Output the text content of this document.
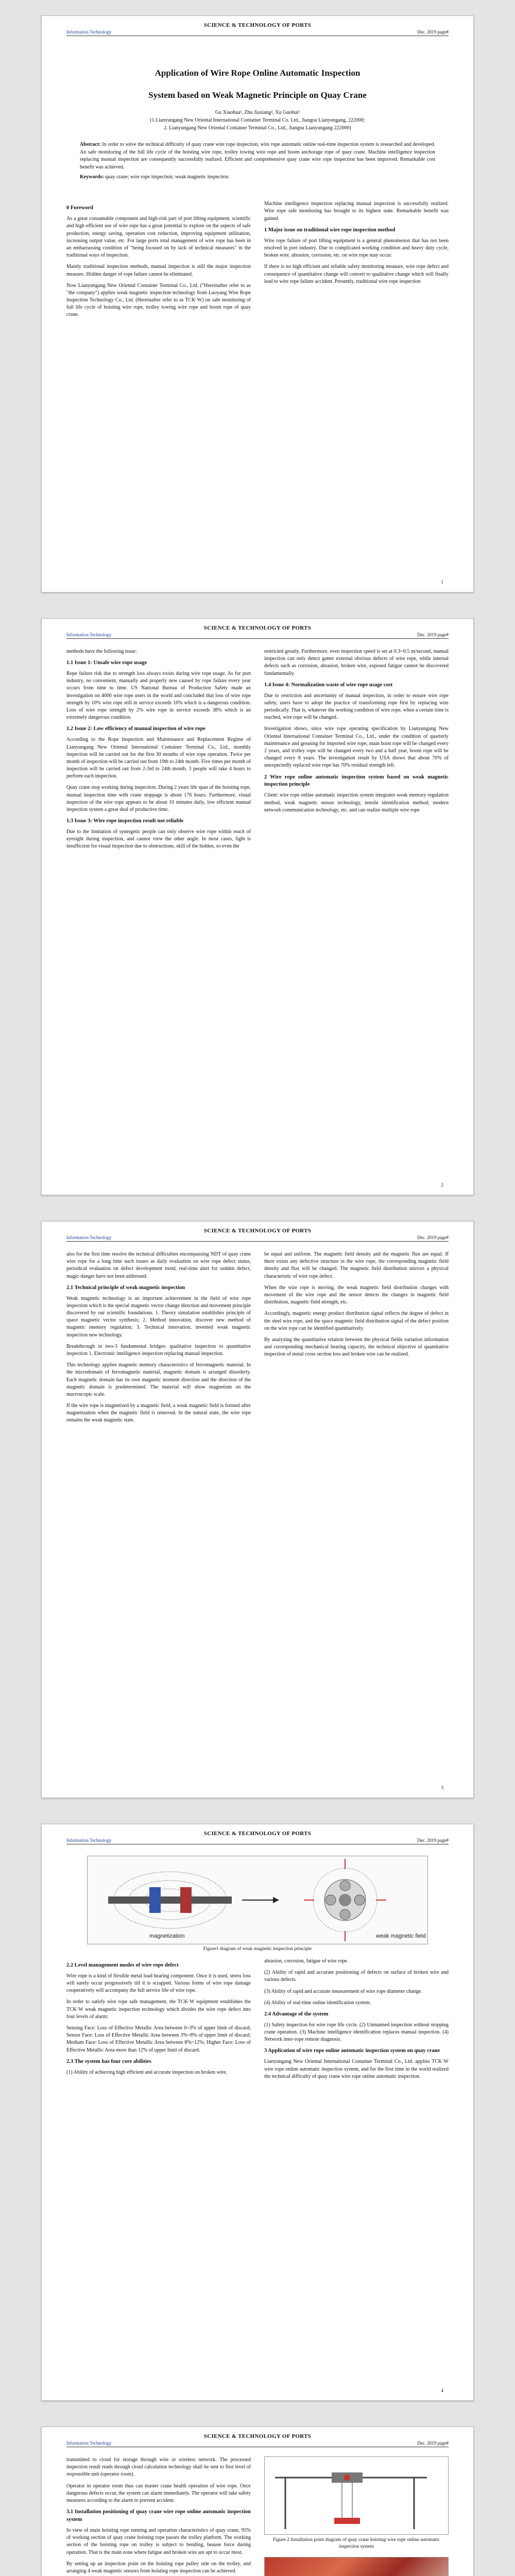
SCIENCE & TECHNOLOGY OF PORTS
Information Technology	Dec. 2019 page#
Application of Wire Rope Online Automatic Inspection
System based on Weak Magnetic Principle on Quay Crane
Gu Xiaohua¹, Zhu Jiaxiang², Xu Guohui²
(1.Lianyungang New Oriental International Container Terminal Co. Ltd., Jiangsu Lianyungang, 222000;
2. Lianyungang New Oriental Container Terminal Co., Ltd., Jiangsu Lianyungang 222000)
Abstract: In order to solve the technical difficulty of quay crane wire rope inspection, wire rope automatic online real-time inspection system is researched and developed. An safe monitoring of the full life cycle of the hoisting wire rope, trolley towing wire rope and boom anchorage rope of quay crane. Machine intelligence inspection replacing manual inspection are consequently successfully realized. Efficient and comprehensive quay crane wire rope inspection has been improved. Remarkable cost benefit was achieved.
Keywords: quay crane; wire rope inspection; weak magnetic inspection
0 Foreword

As a great consumable component and high-risk part of port lifting equipment, scientific and high efficient use of wire rope has a great potential to explore on the aspects of safe production, energy saving, operation cost reduction, improving equipment utilization, increasing output value, etc. For large ports total management of wire rope has been in an embarrassing condition of "being focused on by lack of technical measures" in the traditional ways of inspection.

Mainly traditional inspection methods, manual inspection is still the major inspection measure. Hidden danger of rope failure cannot be eliminated.

Now Lianyungang New Oriental Container Terminal Co., Ltd. ("Hereinafter refer to as "the company") applies weak magnetic inspection technology from Luoyang Wire Rope Inspection Technology Co., Ltd. (Hereinafter refer to as TCK·W) on safe monitoring of full life cycle of hoisting wire rope, trolley towing wire rope and boom rope of quay crane.

Machine intelligence inspection replacing manual inspection is successfully realized. Wire rope safe monitoring has brought to its highest state. Remarkable benefit was gained.

1 Major issue on traditional wire rope inspection method

Wire rope failure of port lifting equipment is a general phenomenon that has not been resolved in port industry. Due to complicated working condition and heavy duty cycle, broken wire, abrasion, corrosion, etc. on wire rope may occur.

If there is no high efficient and reliable safety monitoring measure, wire rope defect and consequence of quantitative change will convert to qualitative change which will finally lead to wire rope failure accident. Presently, traditional wire rope inspection

1
SCIENCE & TECHNOLOGY OF PORTS
Information Technology	Dec. 2019 page#

methods have the following issue:

1.1 Issue 1: Unsafe wire rope usage

Rope failure risk due to strength loss always exists during wire rope usage. As for port industry, no convenient, manually and properly new caused by rope failure every year occurs from time to time. US National Bureau of Production Safety made an investigation on 4000 wire rope users in the world and concluded that loss of wire rope strength by 10% wire rope still in service exceeds 10% which is a dangerous condition. Loss of wire rope strength by 2% wire rope in service exceeds 38% which is an extremely dangerous condition.

1.2 Issue 2: Low efficiency of manual inspection of wire rope

According to the Rope Inspection and Maintenance and Replacement Regime of Lianyungang New Oriental International Container Terminal Co., Ltd., monthly inspection will be carried out for the first 30 months of wire rope operation. Twice per month of inspection will be carried out from 19th to 24th month. Five times per month of inspection will be carried out from 2-3rd to 24th month. 3 people will take 4 hours to perform each inspection.

Quay crane stop working during inspection. During 2 years life span of the hoisting rope, manual inspection time with crane stoppage is about 176 hours. Furthermore, visual inspection of the wire rope appears to be about 10 minutes daily, low efficient manual inspection system a great deal of productive time.

1.3 Issue 3: Wire rope inspection result not reliable

Due to the limitation of synergetic people can only observe wire rope within reach of eyesight during inspection, and cannot view the other angle. In most cases, light is insufficient for visual inspection due to obstructions, skill of the hidden, so even the

restricted greatly. Furthermore, even inspection speed is set at 0.3~0.5 m/second, manual inspection can only detect gutter external obvious defects of wire rope, while internal defects such as corrosion, abrasion, broken wire, exposed fatigue cannot be discovered fundamentally.

1.4 Issue 4: Normalization waste of wire rope usage cost

Due to restriction and uncertainty of manual inspection, in order to ensure wire rope safety, users have to adopt the practice of transforming rope first by replacing wire periodically. That is, whatever the working condition of wire rope, when a certain time is reached, wire rope will be changed.

Investigation shows, since wire rope operating specification by Lianyungang New Oriental International Container Terminal Co., Ltd., under the condition of quarterly maintenance and greasing for imported wire rope, main hoist rope will be changed every 2 years, and trolley rope will be changed every two and a half year, boom rope will be changed every 8 years. The investigation result by USA shows that about 70% of unexpectedly replaced wire rope has 70% residual strength left.

2 Wire rope online automatic inspection system based on weak magnetic inspection principle

Client: wire rope online automatic inspection system integrates weak memory regulation method, weak magnetic sensor technology, tensile identification method, modern network communication technology, etc. and can realize multiple wire rope

2
SCIENCE & TECHNOLOGY OF PORTS
Information Technology	Dec. 2019 page#

also for the first time resolve the technical difficulties encompassing NDT of quay crane wire rope for a long time such issues as daily evaluation on wire rope defect status, periodical evaluation on defect development trend, real-time alert for sudden defect, magic-danger have not been addressed.

2.1 Technical principle of weak magnetic inspection

Weak magnetic technology is an important achievement in the field of wire rope inspection which is the special magnetic vector change direction and movement principle discovered by our scientific foundations. 1. Theory simulation establishes principle of space magnetic vector synthesis; 2. Method innovation, discover new method of magnetic memory regulation; 3. Technical innovation, invented weak magnetic inspection new technology.

Breakthrough in two-3 fundamental bridges: qualitative inspection to quantitative inspection 1. Electronic intelligence inspection replacing manual inspection.

This technology applies magnetic memory characteristics of ferromagnetic material. In the microdomain of ferromagnetic material, magnetic domain is arranged disorderly. Each magnetic domain has its own magnetic moment direction and the direction of the magnetic domain is predetermined. The material will show magnetism on the macroscopic scale.

If the wire rope is magnetized by a magnetic field, a weak magnetic field is formed after magnetization when the magnetic field is removed. In the natural state, the wire rope remains the weak magnetic state.

be equal and uniform. The magnetic field density and the magnetic flux are equal. If there exists any defective structure in the wire rope, the corresponding magnetic field density and flux will be changed. The magnetic field distribution mirrors a physical characteristic of wire rope defect.

When the wire rope is moving, the weak magnetic field distribution changes with movement of the wire rope and the sensor detects the changes in magnetic field distribution, magnetic field strength, etc.

Accordingly, magnetic energy product distribution signal reflects the degree of defect in the steel wire rope, and the space magnetic field distribution signal of the defect position on the wire rope can be identified quantitatively.

By analyzing the quantitative relation between the physical fields variation information and corresponding mechanical bearing capacity, the technical objective of quantitative inspection of metal cross section loss and broken wire can be realized.

3
SCIENCE & TECHNOLOGY OF PORTS
Information Technology	Dec. 2019 page#
magnetization	weak magnetic field
Figure1 diagram of weak magnetic inspection principle
2.2 Level management modes of wire rope defect

Wire rope is a kind of flexible metal load bearing component. Once it is used, stress loss will surely occur progressively till it is scrapped. Various forms of wire rope damage cooperatively will accompany the full service life of wire rope.

In order to satisfy wire rope safe management, the TCK·W equipment establishes the TCK·W weak magnetic inspection technology which divides the wire rope defect into four levels of alarm:

Sensing Face: Loss of Effective Metallic Area between 0~3% of upper limit of discard; Sensor Face: Loss of Effective Metallic Area between 3%~8% of upper limit of discard; Medium Face: Loss of Effective Metallic Area between 8%~12%; Higher Face: Loss of Effective Metallic Area more than 12% of upper limit of discard.

2.3 The system has four core abilities

(1) Ability of achieving high efficient and accurate inspection on broken wire,

abrasion, corrosion, fatigue of wire rope.

(2) Ability of rapid and accurate positioning of defects on surface of broken wire and various defects.

(3) Ability of rapid and accurate measurement of wire rope diameter change.

(4) Ability of real-time online identification system.

2.4 Advantage of the system

(1) Safety inspection for wire rope life cycle. (2) Unmanned inspection without stopping crane operation. (3) Machine intelligence identification replaces manual inspection. (4) Network inter-rope remote diagnosis.

3 Application of wire rope online automatic inspection system on quay crane

Lianyungang New Oriental International Container Terminal Co., Ltd. applies TCK·W wire rope online automatic inspection system, and for the first time in the world realized the technical difficulty of quay crane wire rope online automatic inspection.

4
SCIENCE & TECHNOLOGY OF PORTS
Information Technology	Dec. 2019 page#

transmitted to cloud for storage through wire or wireless network. The processed inspection result reads through cloud calculation technology shall be sent to first level of responsible unit (operator room).

Operator in operator room thus can master crane health operation of wire rope. Once dangerous defects occur, the system can alarm immediately. The operator will take safety measures according to the alarm to prevent accident.

3.1 Installation positioning of quay crane wire rope online automatic inspection system

In view of main hoisting rope running and operation characteristics of quay crane, 95% of working section of quay crane hoisting rope passes the trolley platform. The working section of the hoisting rope on trolley is subject to bending, beause force during operation. That is the main zone where fatigue and broken wire are apt to occur most.

By setting up an inspection point on the hoisting rope pulley side on the trolley, and arranging 4 weak magnetic sensors from hoisting rope inspection can be achieved.

Figure 2 Installation point diagram of quay crane hoisting wire rope online automatic inspection system
